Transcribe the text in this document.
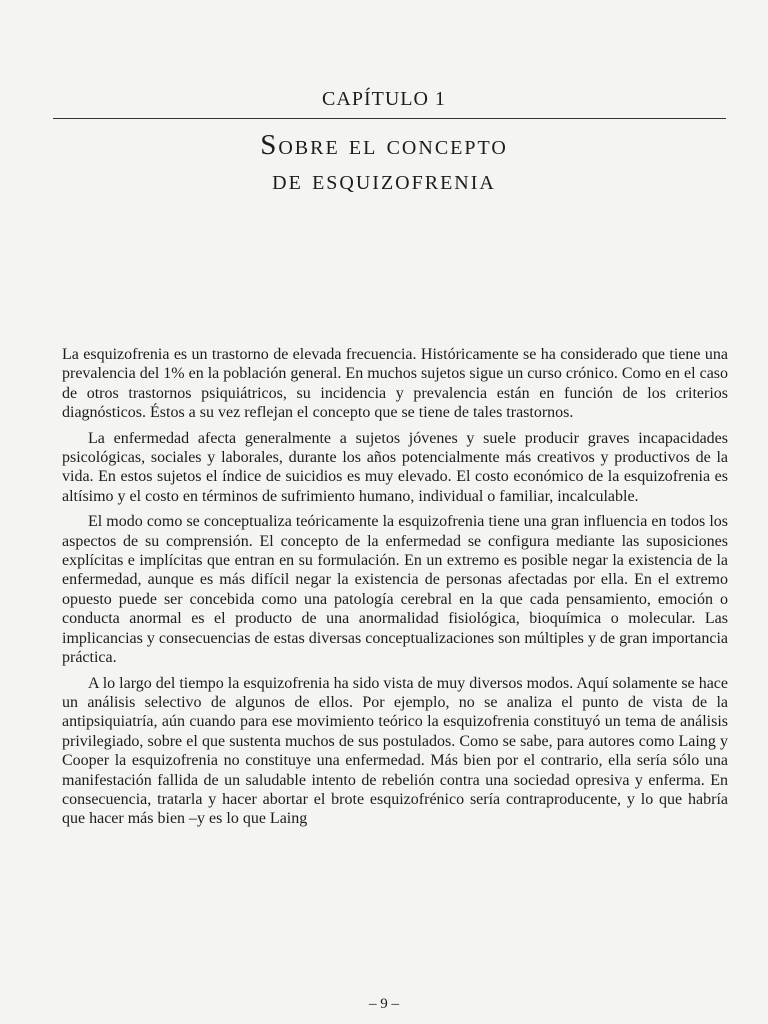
CAPÍTULO 1
Sobre el concepto
de esquizofrenia

La esquizofrenia es un trastorno de elevada frecuencia. Históricamente se ha considerado que tiene una prevalencia del 1% en la población general. En muchos sujetos sigue un curso crónico. Como en el caso de otros trastornos psiquiátricos, su incidencia y prevalencia están en función de los criterios diagnósticos. Éstos a su vez reflejan el concepto que se tiene de tales trastornos.

La enfermedad afecta generalmente a sujetos jóvenes y suele producir graves incapacidades psicológicas, sociales y laborales, durante los años potencialmente más creativos y productivos de la vida. En estos sujetos el índice de suicidios es muy elevado. El costo económico de la esquizofrenia es altísimo y el costo en términos de sufrimiento humano, individual o familiar, incalculable.

El modo como se conceptualiza teóricamente la esquizofrenia tiene una gran influencia en todos los aspectos de su comprensión. El concepto de la enfermedad se configura mediante las suposiciones explícitas e implícitas que entran en su formulación. En un extremo es posible negar la existencia de la enfermedad, aunque es más difícil negar la existencia de personas afectadas por ella. En el extremo opuesto puede ser concebida como una patología cerebral en la que cada pensamiento, emoción o conducta anormal es el producto de una anormalidad fisiológica, bioquímica o molecular. Las implicancias y consecuencias de estas diversas conceptualizaciones son múltiples y de gran importancia práctica.

A lo largo del tiempo la esquizofrenia ha sido vista de muy diversos modos. Aquí solamente se hace un análisis selectivo de algunos de ellos. Por ejemplo, no se analiza el punto de vista de la antipsiquiatría, aún cuando para ese movimiento teórico la esquizofrenia constituyó un tema de análisis privilegiado, sobre el que sustenta muchos de sus postulados. Como se sabe, para autores como Laing y Cooper la esquizofrenia no constituye una enfermedad. Más bien por el contrario, ella sería sólo una manifestación fallida de un saludable intento de rebelión contra una sociedad opresiva y enferma. En consecuencia, tratarla y hacer abortar el brote esquizofrénico sería contraproducente, y lo que habría que hacer más bien –y es lo que Laing

– 9 –
